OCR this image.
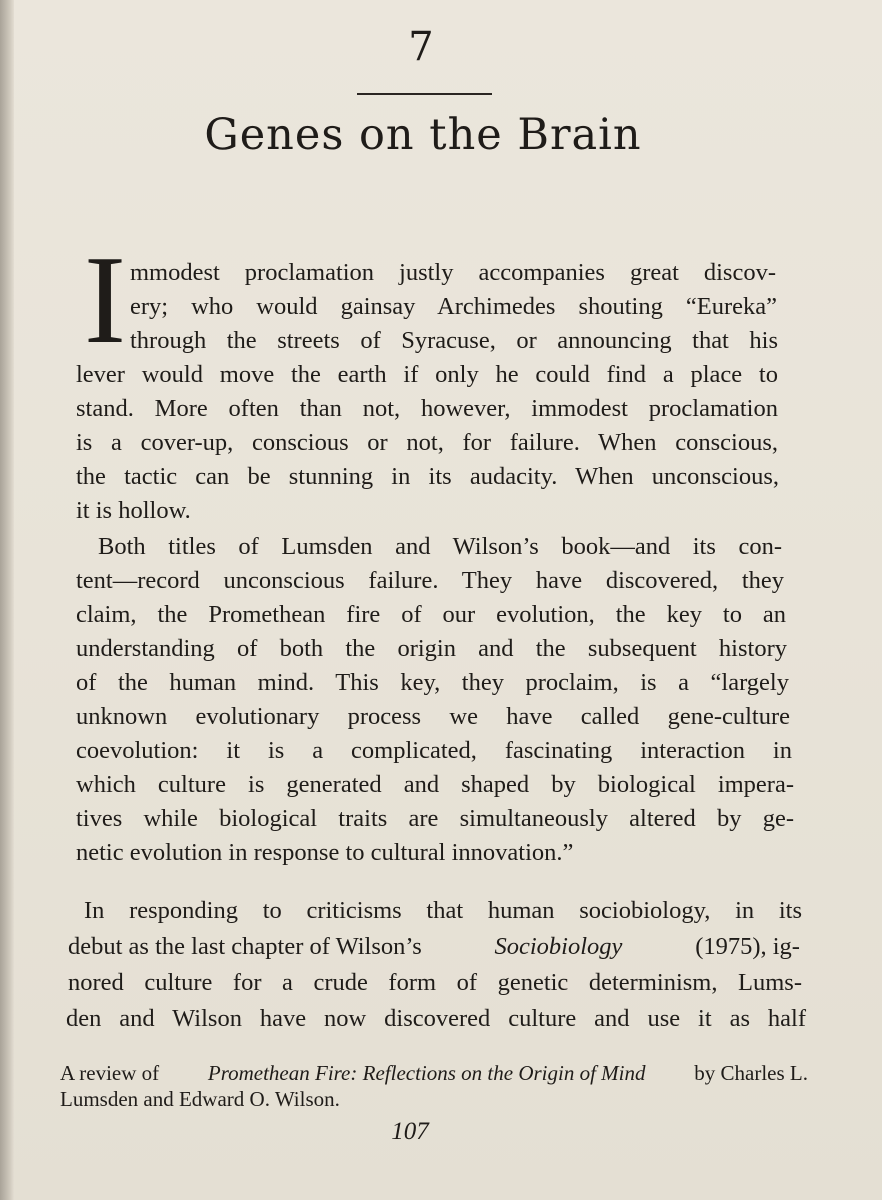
7
Genes on the Brain
I mmodest proclamation justly accompanies great discov-
ery; who would gainsay Archimedes shouting “Eureka”
through the streets of Syracuse, or announcing that his
lever would move the earth if only he could find a place to
stand. More often than not, however, immodest proclamation
is a cover-up, conscious or not, for failure. When conscious,
the tactic can be stunning in its audacity. When unconscious,
it is hollow.
Both titles of Lumsden and Wilson’s book—and its con-
tent—record unconscious failure. They have discovered, they
claim, the Promethean fire of our evolution, the key to an
understanding of both the origin and the subsequent history
of the human mind. This key, they proclaim, is a “largely
unknown evolutionary process we have called gene-culture
coevolution: it is a complicated, fascinating interaction in
which culture is generated and shaped by biological impera-
tives while biological traits are simultaneously altered by ge-
netic evolution in response to cultural innovation.”
In responding to criticisms that human sociobiology, in its
debut as the last chapter of Wilson’s	Sociobiology	(1975), ig-
nored culture for a crude form of genetic determinism, Lums-
den and Wilson have now discovered culture and use it as half
A review of Promethean Fire: Reflections on the Origin of Mind by Charles L.
Lumsden and Edward O. Wilson.
107
